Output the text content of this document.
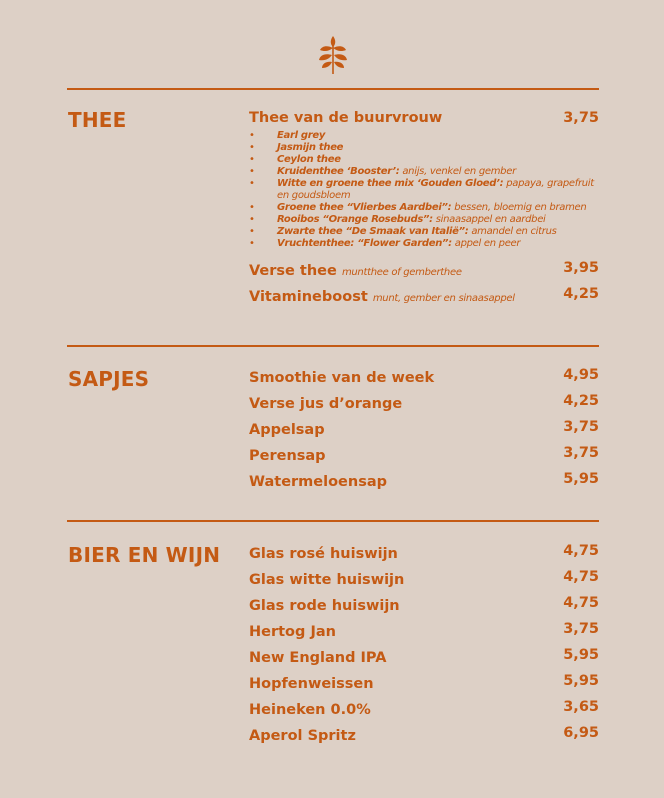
THEE	Thee van de buurvrouw	3,75
• Earl grey
• Jasmijn thee
• Ceylon thee
• Kruidenthee ‘Booster’: anijs, venkel en gember
• Witte en groene thee mix ‘Gouden Gloed’: papaya, grapefruit en goudsbloem
• Groene thee “Vlierbes Aardbei”: bessen, bloemig en bramen
• Rooibos “Orange Rosebuds”: sinaasappel en aardbei
• Zwarte thee “De Smaak van Italië”: amandel en citrus
• Vruchtenthee: “Flower Garden”: appel en peer
Verse thee muntthee of gemberthee	3,95
Vitamineboost munt, gember en sinaasappel	4,25
SAPJES	Smoothie van de week	4,95
Verse jus d’orange	4,25
Appelsap	3,75
Perensap	3,75
Watermeloensap	5,95
BIER EN WIJN Glas rosé huiswijn	4,75
Glas witte huiswijn	4,75
Glas rode huiswijn	4,75
Hertog Jan	3,75
New England IPA	5,95
Hopfenweissen	5,95
Heineken 0.0%	3,65
Aperol Spritz	6,95
